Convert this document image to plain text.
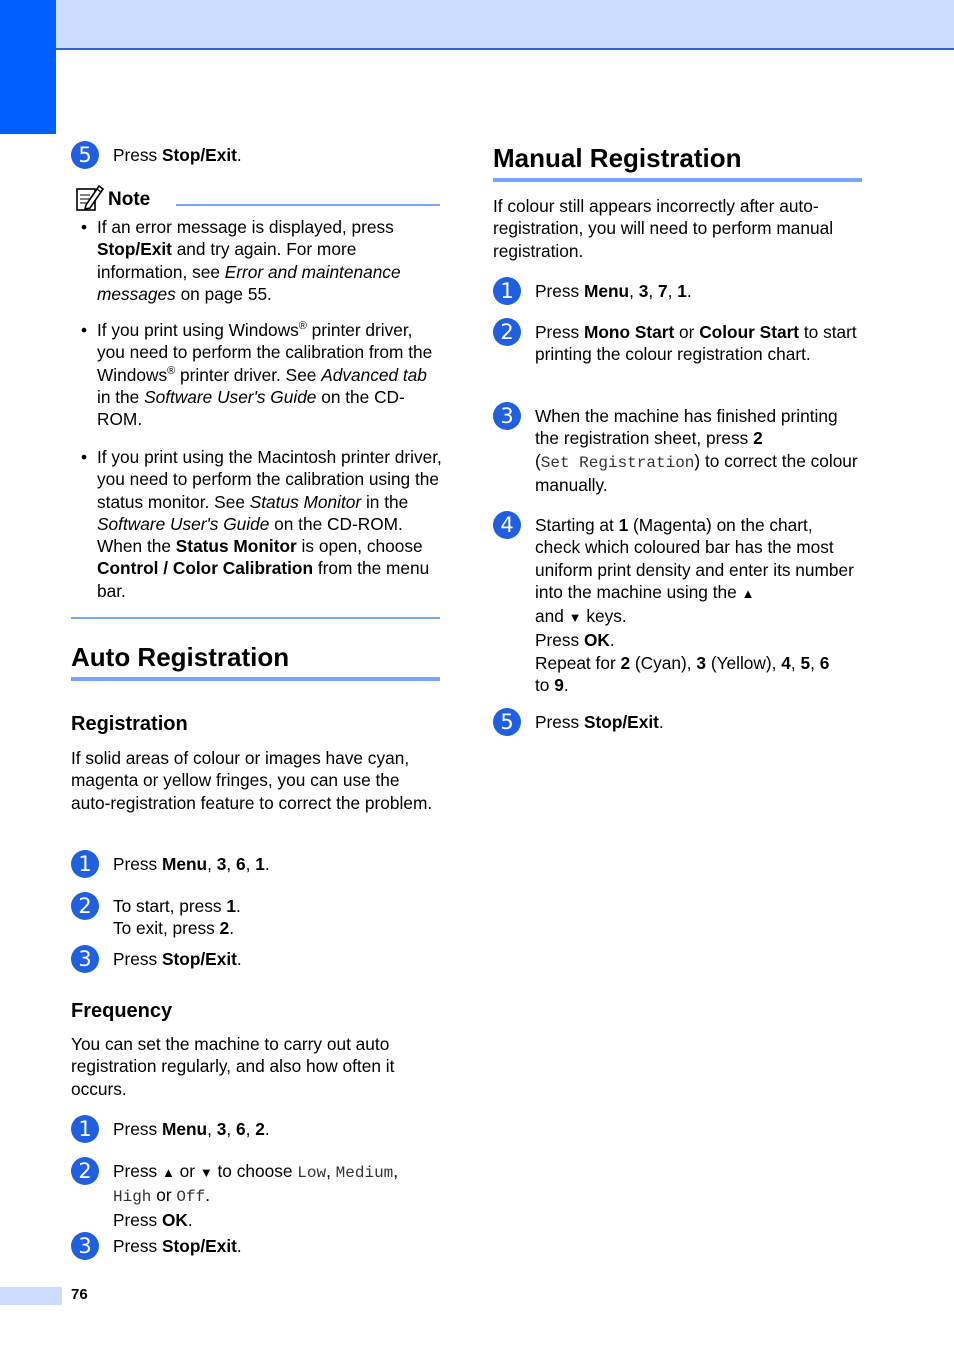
5	Press Stop/Exit.
Note
• If an error message is displayed, press Stop/Exit and try again. For more information, see Error and maintenance messages on page 55.
• If you print using Windows® printer driver, you need to perform the calibration from the Windows® printer driver. See Advanced tab in the Software User's Guide on the CD-ROM.
• If you print using the Macintosh printer driver, you need to perform the calibration using the status monitor. See Status Monitor in the Software User's Guide on the CD-ROM. When the Status Monitor is open, choose Control / Color Calibration from the menu bar.
Auto Registration
Registration
If solid areas of colour or images have cyan, magenta or yellow fringes, you can use the auto-registration feature to correct the problem.
1	Press Menu, 3, 6, 1.
2	To start, press 1.
To exit, press 2.
3	Press Stop/Exit.
Frequency
You can set the machine to carry out auto registration regularly, and also how often it occurs.
1	Press Menu, 3, 6, 2.
2	Press ▲ or ▼ to choose Low, Medium, High or Off.
Press OK.
3	Press Stop/Exit.
Manual Registration
If colour still appears incorrectly after auto-registration, you will need to perform manual registration.
1	Press Menu, 3, 7, 1.
2	Press Mono Start or Colour Start to start printing the colour registration chart.
3	When the machine has finished printing the registration sheet, press 2
(Set Registration) to correct the colour manually.
4	Starting at 1 (Magenta) on the chart, check which coloured bar has the most uniform print density and enter its number into the machine using the ▲
and ▼ keys.
Press OK.
Repeat for 2 (Cyan), 3 (Yellow), 4, 5, 6
to 9.
5	Press Stop/Exit.
76
